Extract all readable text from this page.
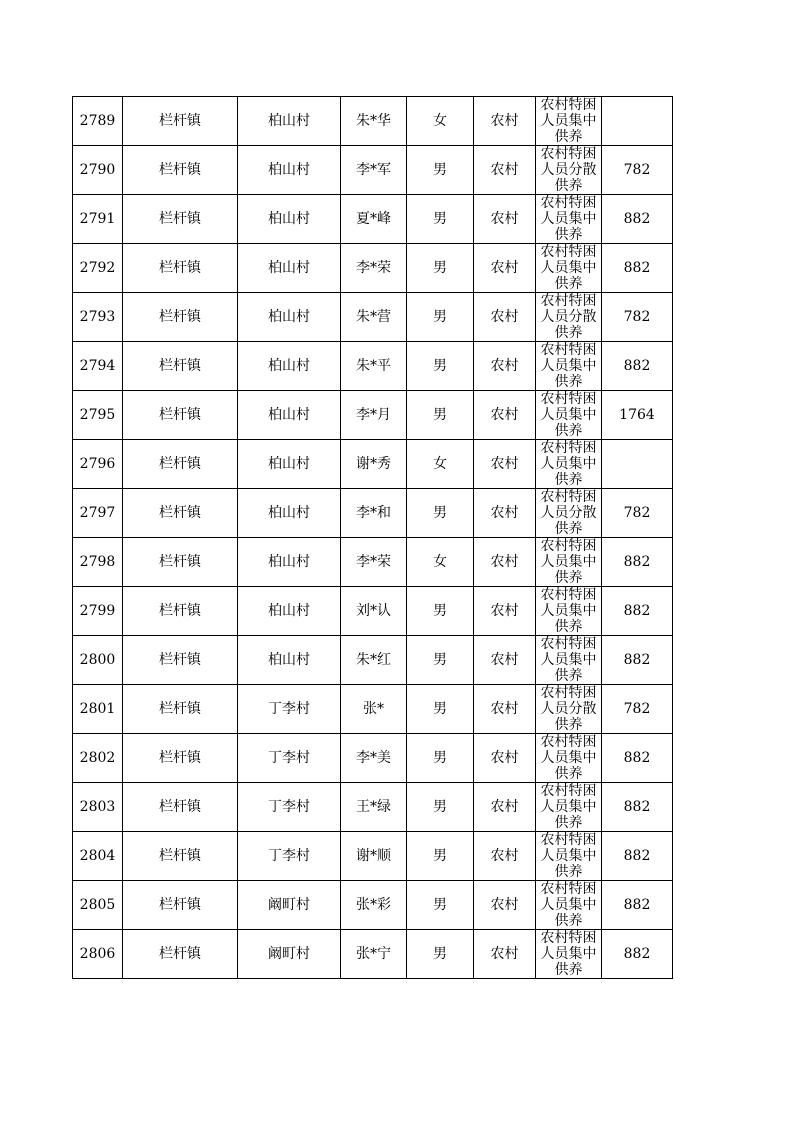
2789	栏杆镇	柏山村	朱*华	女	农村	农村特困人员集中供养	

2790	栏杆镇	柏山村	李*军	男	农村	农村特困人员分散供养	782
2791	栏杆镇	柏山村	夏*峰	男	农村	农村特困人员集中供养	882
2792	栏杆镇	柏山村	李*荣	男	农村	农村特困人员集中供养	882
2793	栏杆镇	柏山村	朱*营	男	农村	农村特困人员分散供养	782
2794	栏杆镇	柏山村	朱*平	男	农村	农村特困人员集中供养	882
2795	栏杆镇	柏山村	李*月	男	农村	农村特困人员集中供养	1764
2796	栏杆镇	柏山村	谢*秀	女	农村	农村特困人员集中供养	

2797	栏杆镇	柏山村	李*和	男	农村	农村特困人员分散供养	782
2798	栏杆镇	柏山村	李*荣	女	农村	农村特困人员集中供养	882
2799	栏杆镇	柏山村	刘*认	男	农村	农村特困人员集中供养	882
2800	栏杆镇	柏山村	朱*红	男	农村	农村特困人员集中供养	882
2801	栏杆镇	丁李村	张*	男	农村	农村特困人员分散供养	782
2802	栏杆镇	丁李村	李*美	男	农村	农村特困人员集中供养	882
2803	栏杆镇	丁李村	王*绿	男	农村	农村特困人员集中供养	882
2804	栏杆镇	丁李村	谢*顺	男	农村	农村特困人员集中供养	882
2805	栏杆镇	阚町村	张*彩	男	农村	农村特困人员集中供养	882
2806	栏杆镇	阚町村	张*宁	男	农村	农村特困人员集中供养	882
